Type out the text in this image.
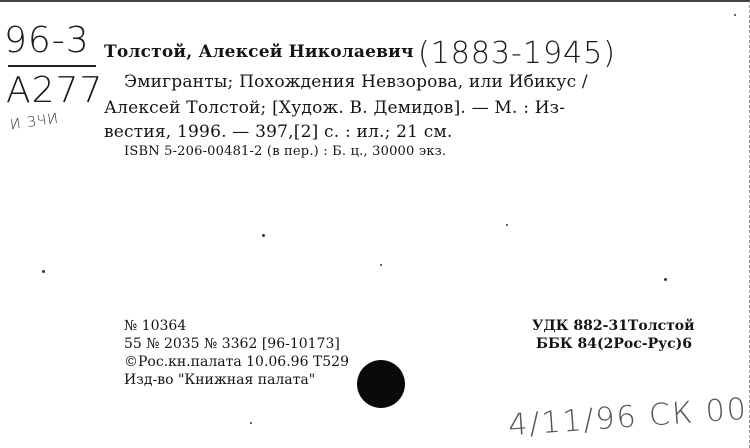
96-3
A277
И ЗЧИ
(1883-1945)
4/11/96 СК 00
Толстой, Алексей Николаевич
Эмигранты; Похождения Невзорова, или Ибикус /
Алексей Толстой; [Худож. В. Демидов]. — М. : Из-
вестия, 1996. — 397,[2] с. : ил.; 21 см.
ISBN 5-206-00481-2 (в пер.) : Б. ц., 30000 экз.
№ 10364
55 № 2035 № 3362 [96-10173]
©Рос.кн.палата 10.06.96 Т529
Изд-во "Книжная палата"
УДК 882-31Толстой
ББК 84(2Рос-Рус)6
